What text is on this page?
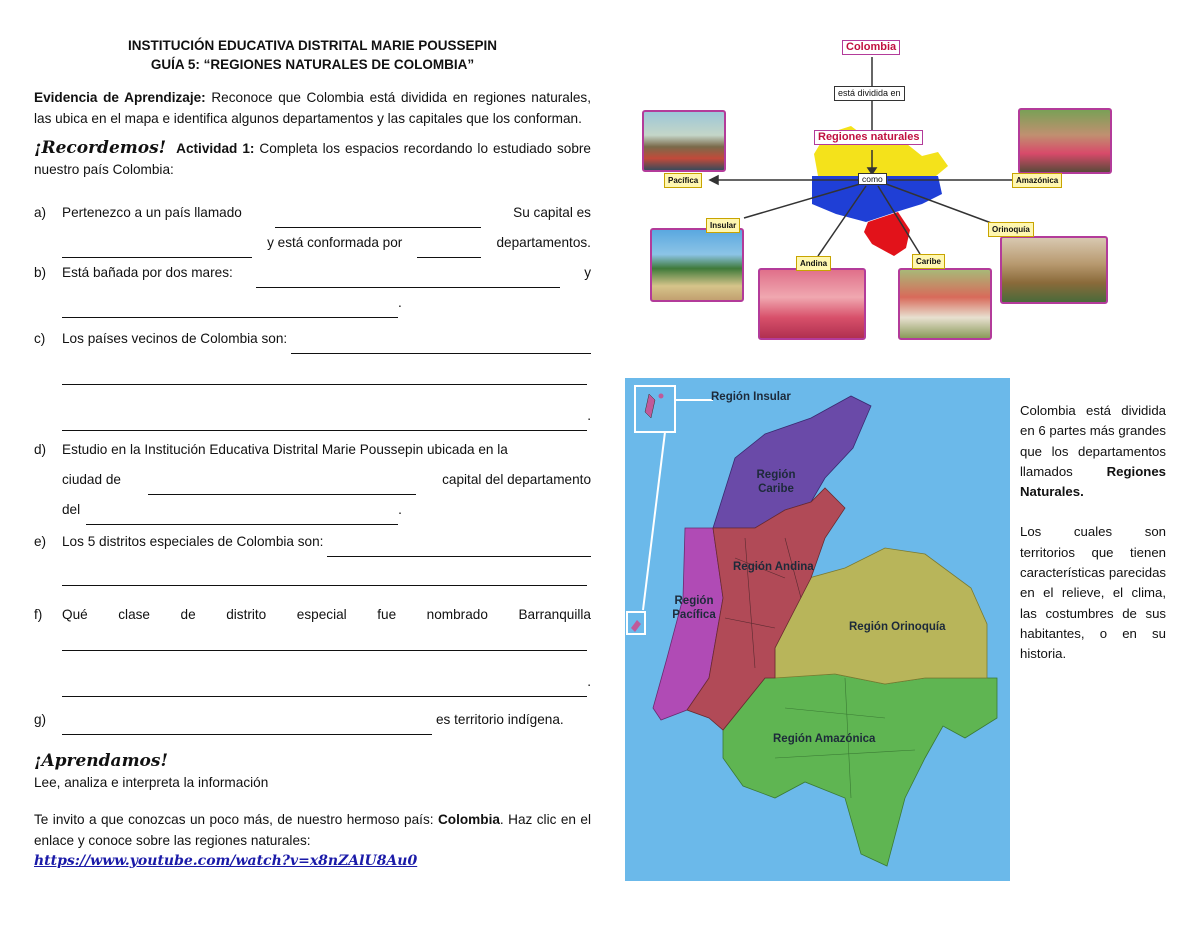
INSTITUCIÓN EDUCATIVA DISTRITAL MARIE POUSSEPIN
GUÍA 5: “REGIONES NATURALES DE COLOMBIA”

Evidencia de Aprendizaje: Reconoce que Colombia está dividida en regiones naturales, las ubica en el mapa e identifica algunos departamentos y las capitales que los conforman.

¡Recordemos! Actividad 1: Completa los espacios recordando lo estudiado sobre nuestro país Colombia:

a) Pertenezco a un país llamado	Su capital es
y está conformada por	departamentos.
b) Está bañada por dos mares:	y
.
c) Los países vecinos de Colombia son:
.
d) Estudio en la Institución Educativa Distrital Marie Poussepin ubicada en la
ciudad de	capital del departamento
del	.
e) Los 5 distritos especiales de Colombia son:
f) Qué clase de distrito especial fue nombrado Barranquilla
.
g)	es territorio indígena.

¡Aprendamos!

Lee, analiza e interpreta la información

Te invito a que conozcas un poco más, de nuestro hermoso país: Colombia. Haz clic en el enlace y conoce sobre las regiones naturales:

https://www.youtube.com/watch?v=x8nZAlU8Au0

Colombia
está dividida en
Regiones naturales
como
Pacífica	Amazónica
Insular	Orinoquía
Andina	Caribe
Región Insular
Región Caribe
Región Andina
Región Pacífica
Región Orinoquía
Región Amazónica

Colombia está dividida en 6 partes más grandes que los departamentos llamados Regiones Naturales.

Los cuales son territorios que tienen características parecidas en el relieve, el clima, las costumbres de sus habitantes, o en su historia.
